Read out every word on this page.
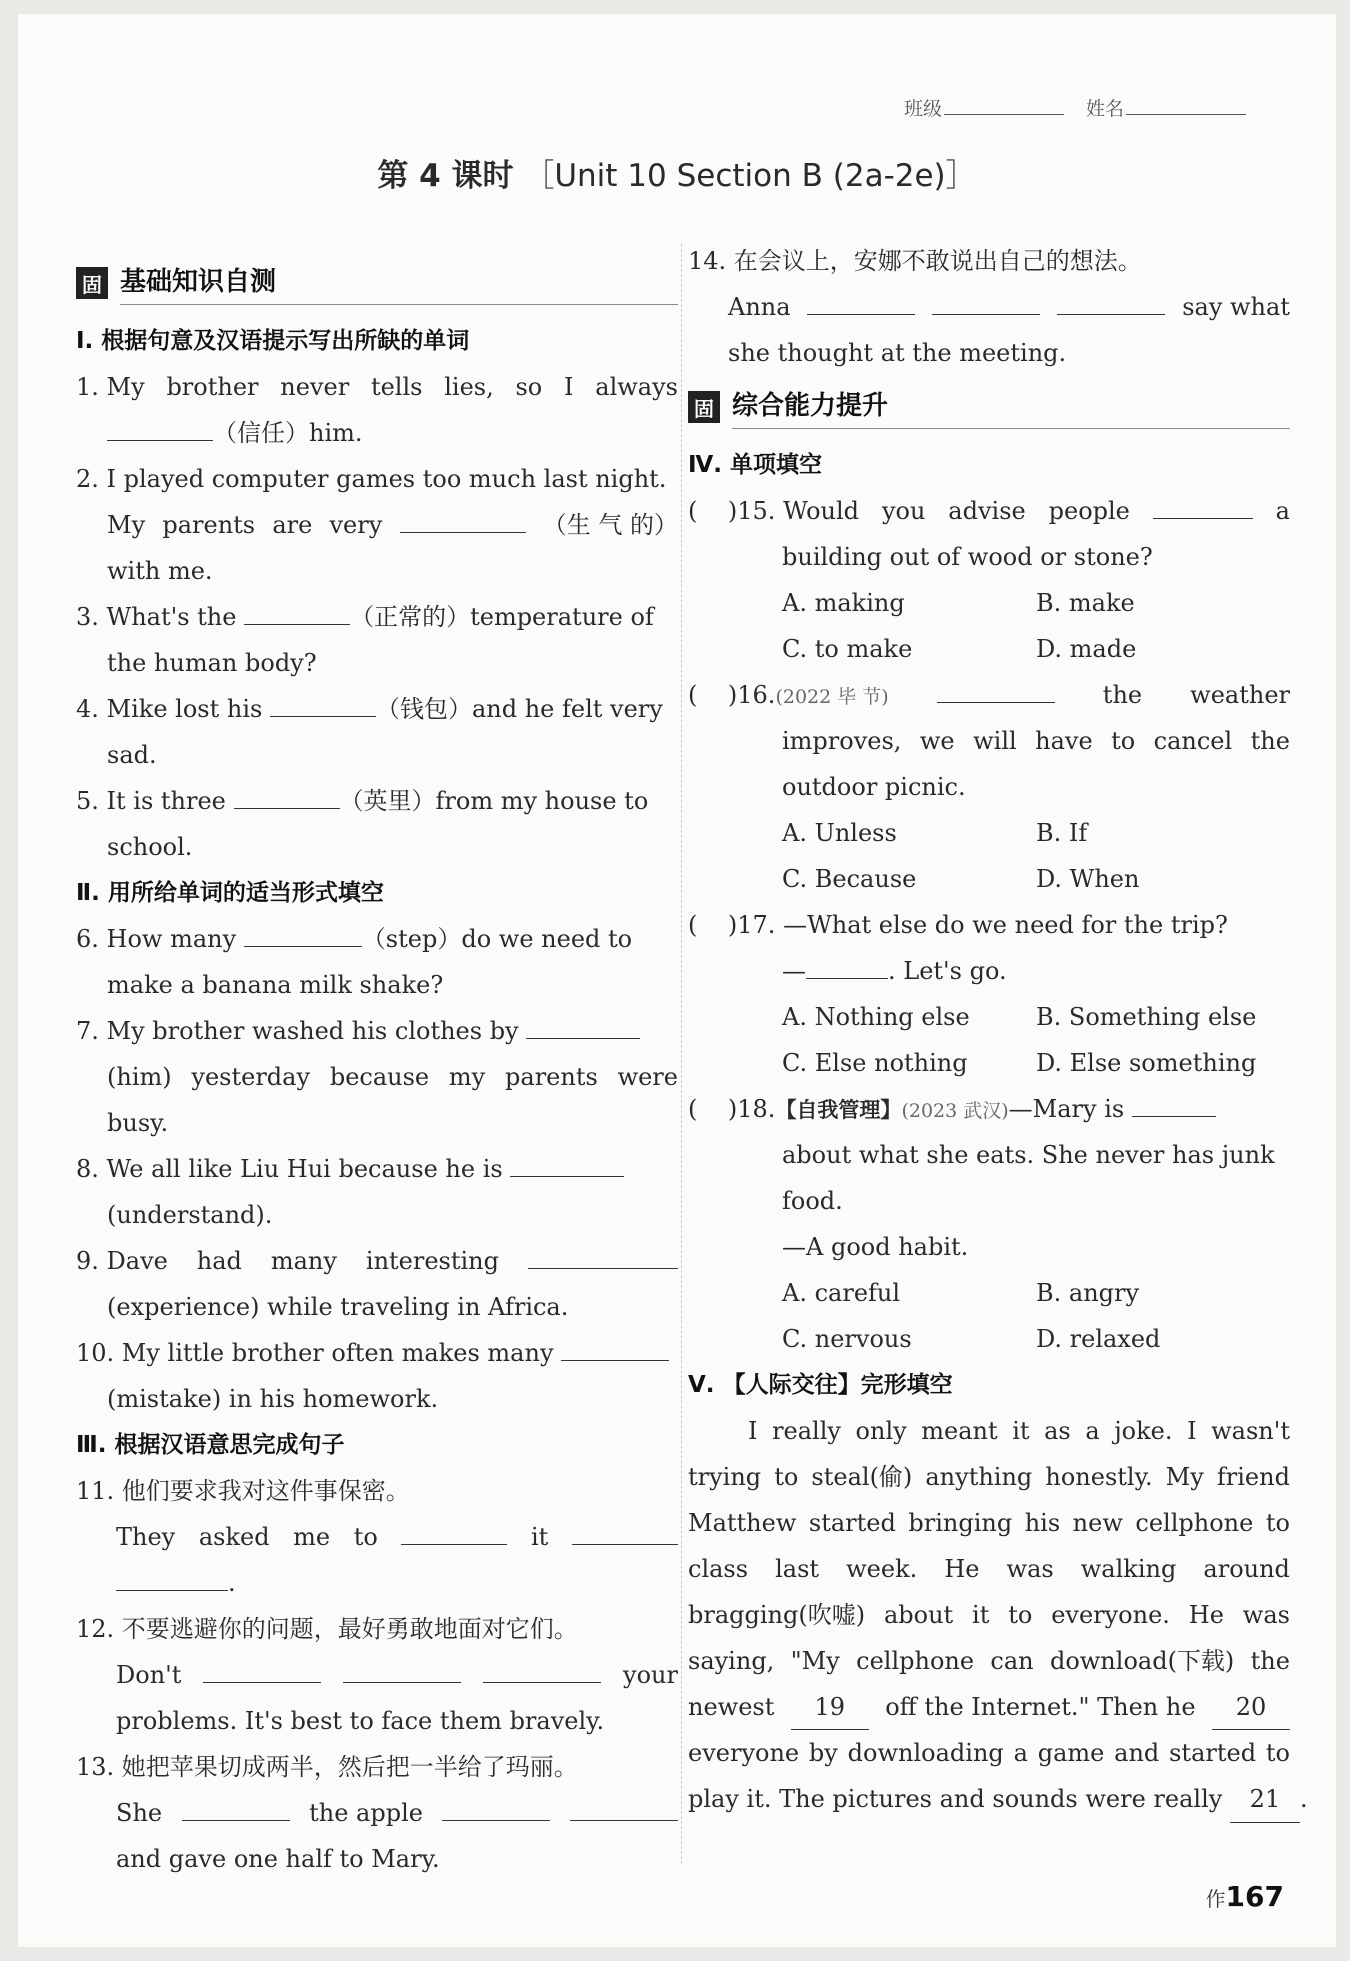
班级	姓名
第 4 课时 ［Unit 10 Section B (2a-2e)］
固 基础知识自测
Ⅰ. 根据句意及汉语提示写出所缺的单词
1. My brother never tells lies, so I always
（信任）him.
2. I played computer games too much last night.
My parents are very	（生 气 的）
with me.
3. What's the	（正常的）temperature of
the human body?
4. Mike lost his	（钱包）and he felt very
sad.
5. It is three	（英里）from my house to
school.
Ⅱ. 用所给单词的适当形式填空
6. How many	（step）do we need to
make a banana milk shake?
7. My brother washed his clothes by
(him) yesterday because my parents were
busy.
8. We all like Liu Hui because he is
(understand).
9. Dave had many interesting
(experience) while traveling in Africa.
10. My little brother often makes many
(mistake) in his homework.
Ⅲ. 根据汉语意思完成句子
11. 他们要求我对这件事保密。
They asked me to	it
.
12. 不要逃避你的问题，最好勇敢地面对它们。
Don't	your
problems. It's best to face them bravely.
13. 她把苹果切成两半，然后把一半给了玛丽。
She	the apple
and gave one half to Mary.
14. 在会议上，安娜不敢说出自己的想法。
Anna	say what
she thought at the meeting.
固 综合能力提升
Ⅳ. 单项填空
( )15. Would you advise people	a
building out of wood or stone?
A. making	B. make
C. to make	D. made
( )16.(2022 毕 节)	the weather
improves, we will have to cancel the
outdoor picnic.
A. Unless	B. If
C. Because	D. When
( )17. —What else do we need for the trip?
—	. Let's go.
A. Nothing else	B. Something else
C. Else nothing	D. Else something
( )18.【自我管理】(2023 武汉)—Mary is
about what she eats. She never has junk
food.
—A good habit.
A. careful	B. angry
C. nervous	D. relaxed
Ⅴ. 【人际交往】完形填空
I really only meant it as a joke. I wasn't
trying to steal(偷) anything honestly. My friend
Matthew started bringing his new cellphone to
class last week. He was walking around
bragging(吹嘘) about it to everyone. He was
saying, "My cellphone can download(下载) the
newest	19	off the Internet." Then he	20
everyone by downloading a game and started to
play it. The pictures and sounds were really 21 .
作167
